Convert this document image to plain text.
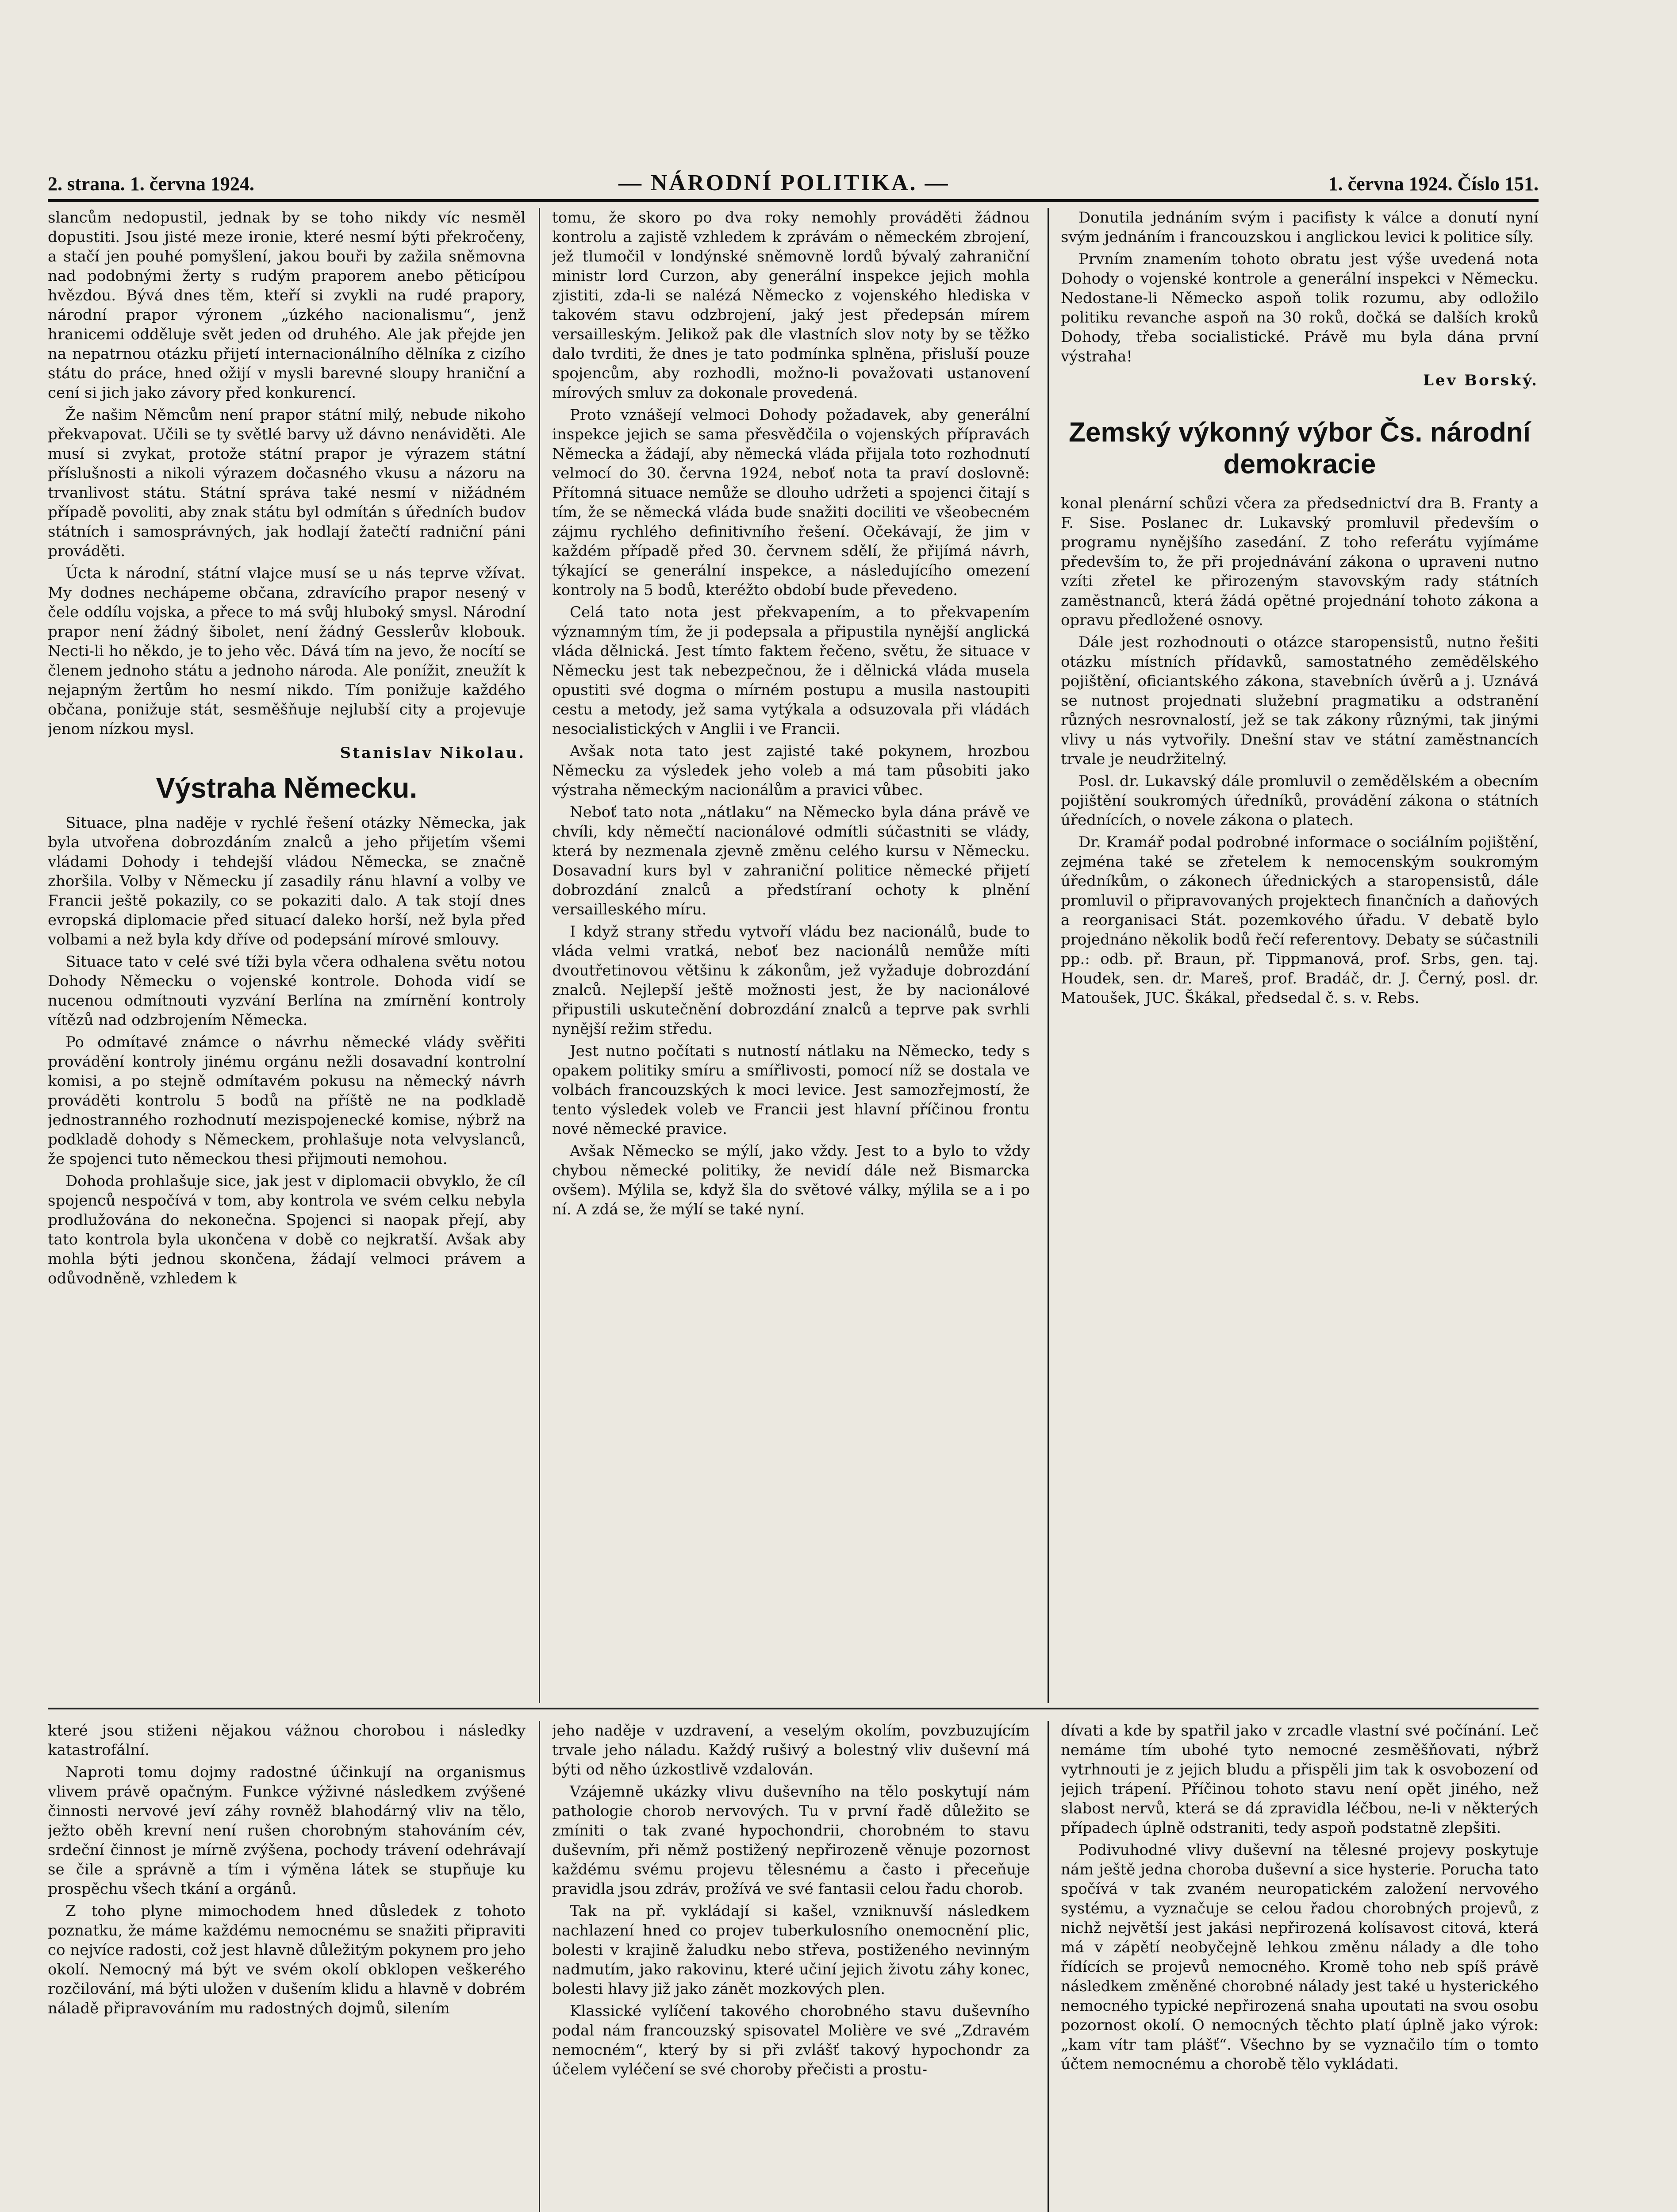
2. strana. 1. června 1924.	— NÁRODNÍ POLITIKA. —	1. června 1924. Číslo 151.

slancům nedopustil, jednak by se toho nikdy víc nesměl dopustiti. Jsou jisté meze ironie, které nesmí býti překročeny, a stačí jen pouhé pomyšlení, jakou bouři by zažila sněmovna nad podobnými žerty s rudým praporem anebo pěticípou hvězdou. Bývá dnes těm, kteří si zvykli na rudé prapory, národní prapor výronem „úzkého nacionalismu“, jenž hranicemi odděluje svět jeden od druhého. Ale jak přejde jen na nepatrnou otázku přijetí internacionálního dělníka z cizího státu do práce, hned ožijí v mysli barevné sloupy hraniční a cení si jich jako závory před konkurencí.

Že našim Němcům není prapor státní milý, nebude nikoho překvapovat. Učili se ty světlé barvy už dávno nenáviděti. Ale musí si zvykat, protože státní prapor je výrazem státní příslušnosti a nikoli výrazem dočasného vkusu a názoru na trvanlivost státu. Státní správa také nesmí v nižádném případě povoliti, aby znak státu byl odmítán s úředních budov státních i samosprávných, jak hodlají žatečtí radniční páni prováděti.

Úcta k národní, státní vlajce musí se u nás teprve vžívat. My dodnes nechápeme občana, zdravícího prapor nesený v čele oddílu vojska, a přece to má svůj hluboký smysl. Národní prapor není žádný šibolet, není žádný Gesslerův klobouk. Necti-li ho někdo, je to jeho věc. Dává tím na jevo, že nocítí se členem jednoho státu a jednoho národa. Ale ponížit, zneužít k nejapným žertům ho nesmí nikdo. Tím ponižuje každého občana, ponižuje stát, sesměšňuje nejlubší city a projevuje jenom nízkou mysl.

Stanislav Nikolau.
Výstraha Německu.

Situace, plna naděje v rychlé řešení otázky Německa, jak byla utvořena dobrozdáním znalců a jeho přijetím všemi vládami Dohody i tehdejší vládou Německa, se značně zhoršila. Volby v Německu jí zasadily ránu hlavní a volby ve Francii ještě pokazily, co se pokaziti dalo. A tak stojí dnes evropská diplomacie před situací daleko horší, než byla před volbami a než byla kdy dříve od podepsání mírové smlouvy.

Situace tato v celé své tíži byla včera odhalena světu notou Dohody Německu o vojenské kontrole. Dohoda vidí se nucenou odmítnouti vyzvání Berlína na zmírnění kontroly vítězů nad odzbrojením Německa.

Po odmítavé známce o návrhu německé vlády svěřiti provádění kontroly jinému orgánu nežli dosavadní kontrolní komisi, a po stejně odmítavém pokusu na německý návrh prováděti kontrolu 5 bodů na příště ne na podkladě jednostranného rozhodnutí mezispojenecké komise, nýbrž na podkladě dohody s Německem, prohlašuje nota velvyslanců, že spojenci tuto německou thesi přijmouti nemohou.

Dohoda prohlašuje sice, jak jest v diplomacii obvyklo, že cíl spojenců nespočívá v tom, aby kontrola ve svém celku nebyla prodlužována do nekonečna. Spojenci si naopak přejí, aby tato kontrola byla ukončena v době co nejkratší. Avšak aby mohla býti jednou skončena, žádají velmoci právem a odůvodněně, vzhledem k

tomu, že skoro po dva roky nemohly prováděti žádnou kontrolu a zajistě vzhledem k zprávám o německém zbrojení, jež tlumočil v londýnské sněmovně lordů bývalý zahraniční ministr lord Curzon, aby generální inspekce jejich mohla zjistiti, zda-li se nalézá Německo z vojenského hlediska v takovém stavu odzbrojení, jaký jest předepsán mírem versailleským. Jelikož pak dle vlastních slov noty by se těžko dalo tvrditi, že dnes je tato podmínka splněna, přisluší pouze spojencům, aby rozhodli, možno-li považovati ustanovení mírových smluv za dokonale provedená.

Proto vznášejí velmoci Dohody požadavek, aby generální inspekce jejich se sama přesvědčila o vojenských přípravách Německa a žádají, aby německá vláda přijala toto rozhodnutí velmocí do 30. června 1924, neboť nota ta praví doslovně: Přítomná situace nemůže se dlouho udržeti a spojenci čitají s tím, že se německá vláda bude snažiti dociliti ve všeobecném zájmu rychlého definitivního řešení. Očekávají, že jim v každém případě před 30. červnem sdělí, že přijímá návrh, týkající se generální inspekce, a následujícího omezení kontroly na 5 bodů, kteréžto období bude převedeno.

Celá tato nota jest překvapením, a to překvapením významným tím, že ji podepsala a připustila nynější anglická vláda dělnická. Jest tímto faktem řečeno, světu, že situace v Německu jest tak nebezpečnou, že i dělnická vláda musela opustiti své dogma o mírném postupu a musila nastoupiti cestu a metody, jež sama vytýkala a odsuzovala při vládách nesocialistických v Anglii i ve Francii.

Avšak nota tato jest zajisté také pokynem, hrozbou Německu za výsledek jeho voleb a má tam působiti jako výstraha německým nacionálům a pravici vůbec.

Neboť tato nota „nátlaku“ na Německo byla dána právě ve chvíli, kdy němečtí nacionálové odmítli súčastniti se vlády, která by nezmenala zjevně změnu celého kursu v Německu. Dosavadní kurs byl v zahraniční politice německé přijetí dobrozdání znalců a předstíraní ochoty k plnění versailleského míru.

I když strany středu vytvoří vládu bez nacionálů, bude to vláda velmi vratká, neboť bez nacionálů nemůže míti dvoutřetinovou většinu k zákonům, jež vyžaduje dobrozdání znalců. Nejlepší ještě možnosti jest, že by nacionálové připustili uskutečnění dobrozdání znalců a teprve pak svrhli nynější režim středu.

Jest nutno počítati s nutností nátlaku na Německo, tedy s opakem politiky smíru a smířlivosti, pomocí níž se dostala ve volbách francouzských k moci levice. Jest samozřejmostí, že tento výsledek voleb ve Francii jest hlavní příčinou frontu nové německé pravice.

Avšak Německo se mýlí, jako vždy. Jest to a bylo to vždy chybou německé politiky, že nevidí dále než Bismarcka ovšem). Mýlila se, když šla do světové války, mýlila se a i po ní. A zdá se, že mýlí se také nyní.

Donutila jednáním svým i pacifisty k válce a donutí nyní svým jednáním i francouzskou i anglickou levici k politice síly.

Prvním znamením tohoto obratu jest výše uvedená nota Dohody o vojenské kontrole a generální inspekci v Německu. Nedostane-li Německo aspoň tolik rozumu, aby odložilo politiku revanche aspoň na 30 roků, dočká se dalších kroků Dohody, třeba socialistické. Právě mu byla dána první výstraha!

Lev Borský.
Zemský výkonný výbor Čs. národní demokracie

konal plenární schůzi včera za předsednictví dra B. Franty a F. Sise. Poslanec dr. Lukavský promluvil především o programu nynějšího zasedání. Z toho referátu vyjímáme především to, že při projednávání zákona o upraveni nutno vzíti zřetel ke přirozeným stavovským rady státních zaměstnanců, která žádá opětné projednání tohoto zákona a opravu předložené osnovy.

Dále jest rozhodnouti o otázce staropensistů, nutno řešiti otázku místních přídavků, samostatného zemědělského pojištění, oficiantského zákona, stavebních úvěrů a j. Uznává se nutnost projednati služební pragmatiku a odstranění různých nesrovnalostí, jež se tak zákony různými, tak jinými vlivy u nás vytvořily. Dnešní stav ve státní zaměstnancích trvale je neudržitelný.

Posl. dr. Lukavský dále promluvil o zemědělském a obecním pojištění soukromých úředníků, provádění zákona o státních úřednících, o novele zákona o platech.

Dr. Kramář podal podrobné informace o sociálním pojištění, zejména také se zřetelem k nemocenským soukromým úředníkům, o zákonech úřednických a staropensistů, dále promluvil o připravovaných projektech finančních a daňových a reorganisaci Stát. pozemkového úřadu. V debatě bylo projednáno několik bodů řečí referentovy. Debaty se súčastnili pp.: odb. př. Braun, př. Tippmanová, prof. Srbs, gen. taj. Houdek, sen. dr. Mareš, prof. Bradáč, dr. J. Černý, posl. dr. Matoušek, JUC. Škákal, předsedal č. s. v. Rebs.

které jsou stiženi nějakou vážnou chorobou i následky katastrofální.

Naproti tomu dojmy radostné účinkují na organismus vlivem právě opačným. Funkce výživné následkem zvýšené činnosti nervové jeví záhy rovněž blahodárný vliv na tělo, ježto oběh krevní není rušen chorobným stahováním cév, srdeční činnost je mírně zvýšena, pochody trávení odehrávají se čile a správně a tím i výměna látek se stupňuje ku prospěchu všech tkání a orgánů.

Z toho plyne mimochodem hned důsledek z tohoto poznatku, že máme každému nemocnému se snažiti připraviti co nejvíce radosti, což jest hlavně důležitým pokynem pro jeho okolí. Nemocný má být ve svém okolí obklopen veškerého rozčilování, má býti uložen v dušením klidu a hlavně v dobrém náladě připravováním mu radostných dojmů, silením

jeho naděje v uzdravení, a veselým okolím, povzbuzujícím trvale jeho náladu. Každý rušivý a bolestný vliv duševní má býti od něho úzkostlivě vzdalován.

Vzájemně ukázky vlivu duševního na tělo poskytují nám pathologie chorob nervových. Tu v první řadě důležito se zmíniti o tak zvané hypochondrii, chorobném to stavu duševním, při němž postižený nepřirozeně věnuje pozornost každému svému projevu tělesnému a často i přeceňuje pravidla jsou zdráv, prožívá ve své fantasii celou řadu chorob.

Tak na př. vykládají si kašel, vzniknuvší následkem nachlazení hned co projev tuberkulosního onemocnění plic, bolesti v krajině žaludku nebo střeva, postiženého nevinným nadmutím, jako rakovinu, které učiní jejich životu záhy konec, bolesti hlavy již jako zánět mozkových plen.

Klassické vylíčení takového chorobného stavu duševního podal nám francouzský spisovatel Molière ve své „Zdravém nemocném“, který by si při zvlášť takový hypochondr za účelem vyléčení se své choroby přečisti a prostu-

dívati a kde by spatřil jako v zrcadle vlastní své počínání. Leč nemáme tím ubohé tyto nemocné zesměšňovati, nýbrž vytrhnouti je z jejich bludu a přispěli jim tak k osvobození od jejich trápení. Příčinou tohoto stavu není opět jiného, než slabost nervů, která se dá zpravidla léčbou, ne-li v některých případech úplně odstraniti, tedy aspoň podstatně zlepšiti.

Podivuhodné vlivy duševní na tělesné projevy poskytuje nám ještě jedna choroba duševní a sice hysterie. Porucha tato spočívá v tak zvaném neuropatickém založení nervového systému, a vyznačuje se celou řadou chorobných projevů, z nichž největší jest jakási nepřirozená kolísavost citová, která má v zápětí neobyčejně lehkou změnu nálady a dle toho řídících se projevů nemocného. Kromě toho neb spíš právě následkem změněné chorobné nálady jest také u hysterického nemocného typické nepřirozená snaha upoutati na svou osobu pozornost okolí. O nemocných těchto platí úplně jako výrok: „kam vítr tam plášť“. Všechno by se vyznačilo tím o tomto účtem nemocnému a chorobě tělo vykládati.
